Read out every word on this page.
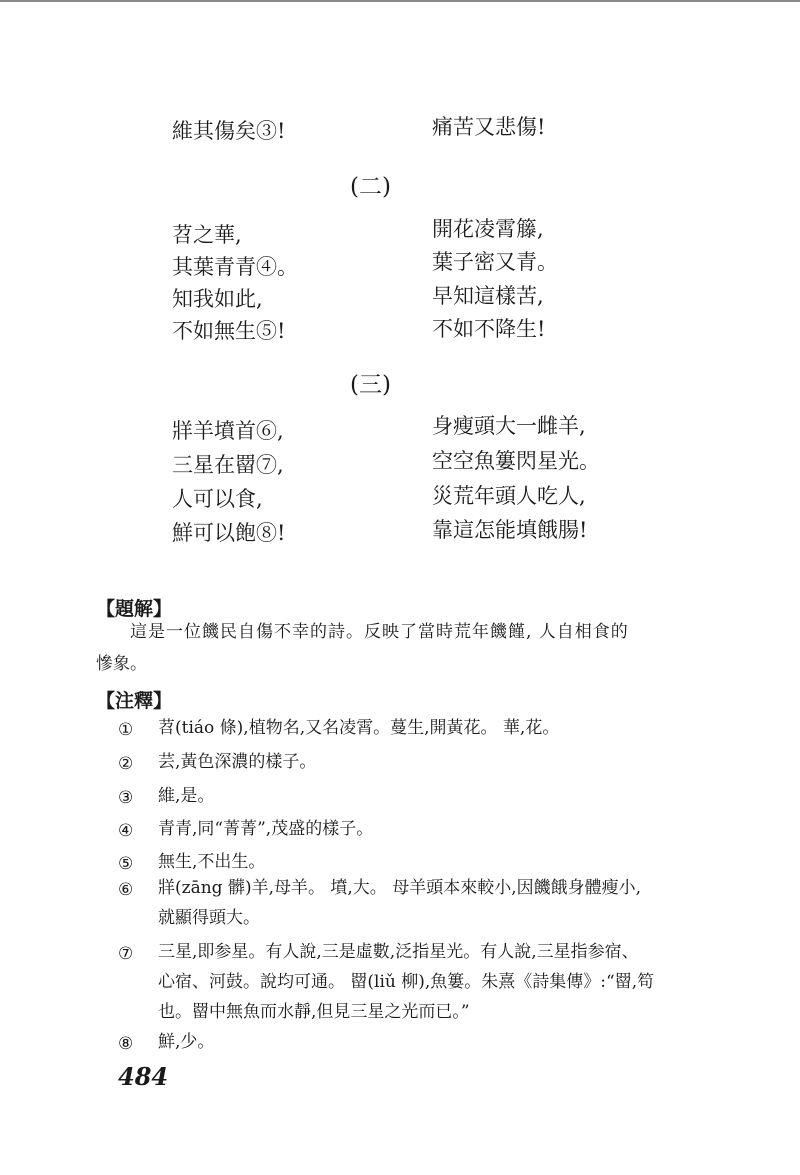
維其傷矣③!	痛苦又悲傷!
(二)
苕之華,
其葉青青④。
知我如此,
不如無生⑤!
開花凌霄籐,
葉子密又青。
早知這樣苦,
不如不降生!
(三)
牂羊墳首⑥,
三星在罶⑦,
人可以食,
鮮可以飽⑧!
身瘦頭大一雌羊,
空空魚簍閃星光。
災荒年頭人吃人,
靠這怎能填餓腸!
【題解】
這是一位饑民自傷不幸的詩。反映了當時荒年饑饉, 人自相食的
慘象。
【注釋】
① 苕(tiáo 條),植物名,又名凌霄。蔓生,開黃花。 華,花。
② 芸,黃色深濃的樣子。
③ 維,是。
④ 青青,同“菁菁”,茂盛的樣子。
⑤ 無生,不出生。
⑥ 牂(zāng 髒)羊,母羊。 墳,大。 母羊頭本來較小,因饑餓身體瘦小,
就顯得頭大。
⑦ 三星,即参星。有人說,三是虛數,泛指星光。有人說,三星指参宿、
心宿、河鼓。說均可通。 罶(liǔ 柳),魚簍。朱熹《詩集傳》:“罶,笱
也。罶中無魚而水靜,但見三星之光而已。”
⑧ 鮮,少。
484
